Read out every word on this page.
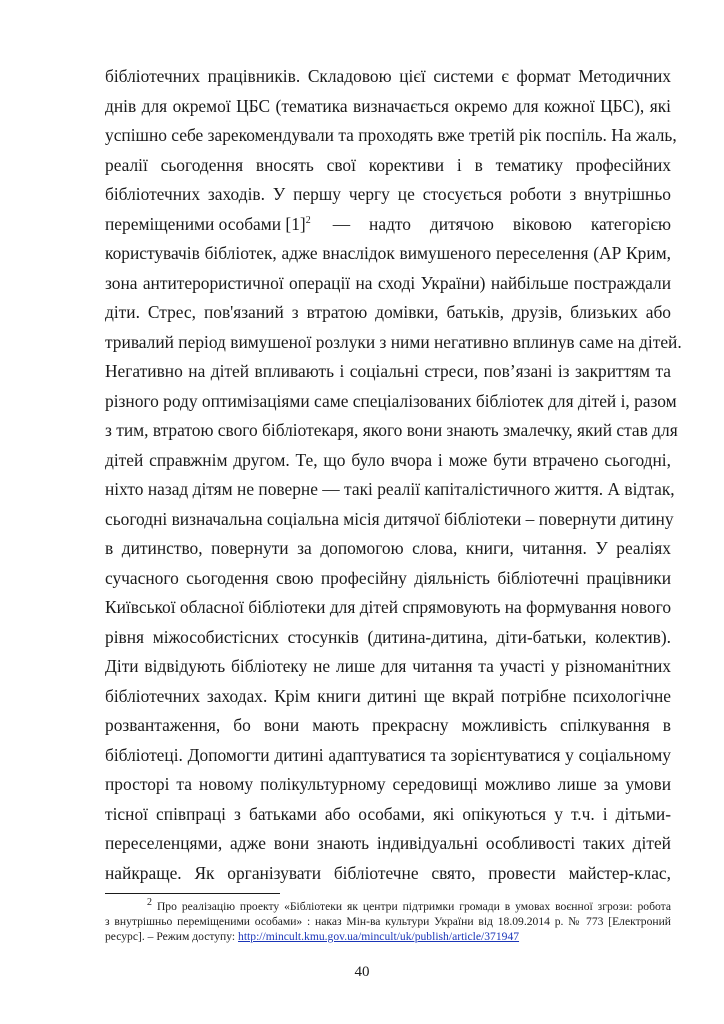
бібліотечних працівників. Складовою цієї системи є формат Методичних
днів для окремої ЦБС (тематика визначається окремо для кожної ЦБС), які
успішно себе зарекомендували та проходять вже третій рік поспіль. На жаль,
реалії сьогодення вносять свої корективи і в тематику професійних
бібліотечних заходів. У першу чергу це стосується роботи з внутрішньо
переміщеними особами $[1]^2$ — надто дитячою віковою категорією
користувачів бібліотек, адже внаслідок вимушеного переселення (АР Крим,
зона антитерористичної операції на сході України) найбільше постраждали
діти. Стрес, пов'язаний з втратою домівки, батьків, друзів, близьких або
тривалий період вимушеної розлуки з ними негативно вплинув саме на дітей.
Негативно на дітей впливають і соціальні стреси, пов’язані із закриттям та
різного роду оптимізаціями саме спеціалізованих бібліотек для дітей і, разом
з тим, втратою свого бібліотекаря, якого вони знають змалечку, який став для
дітей справжнім другом. Те, що було вчора і може бути втрачено сьогодні,
ніхто назад дітям не поверне — такі реалії капіталістичного життя. А відтак,
сьогодні визначальна соціальна місія дитячої бібліотеки – повернути дитину
в дитинство, повернути за допомогою слова, книги, читання. У реаліях
сучасного сьогодення свою професійну діяльність бібліотечні працівники
Київської обласної бібліотеки для дітей спрямовують на формування нового
рівня міжособистісних стосунків (дитина-дитина, діти-батьки, колектив).
Діти відвідують бібліотеку не лише для читання та участі у різноманітних
бібліотечних заходах. Крім книги дитині ще вкрай потрібне психологічне
розвантаження, бо вони мають прекрасну можливість спілкування в
бібліотеці. Допомогти дитині адаптуватися та зорієнтуватися у соціальному
просторі та новому полікультурному середовищі можливо лише за умови
тісної співпраці з батьками або особами, які опікуються у т.ч. і дітьми-
переселенцями, адже вони знають індивідуальні особливості таких дітей
найкраще. Як організувати бібліотечне свято, провести майстер-клас,
$^2$ Про реалізацію проекту «Бібліотеки як центри підтримки громади в умовах воєнної згрози: робота
з внутрішньо переміщеними особами» : наказ Мін-ва культури України від 18.09.2014 р. № 773 [Електроний
ресурс]. – Режим доступу: http://mincult.kmu.gov.ua/mincult/uk/publish/article/371947
40
